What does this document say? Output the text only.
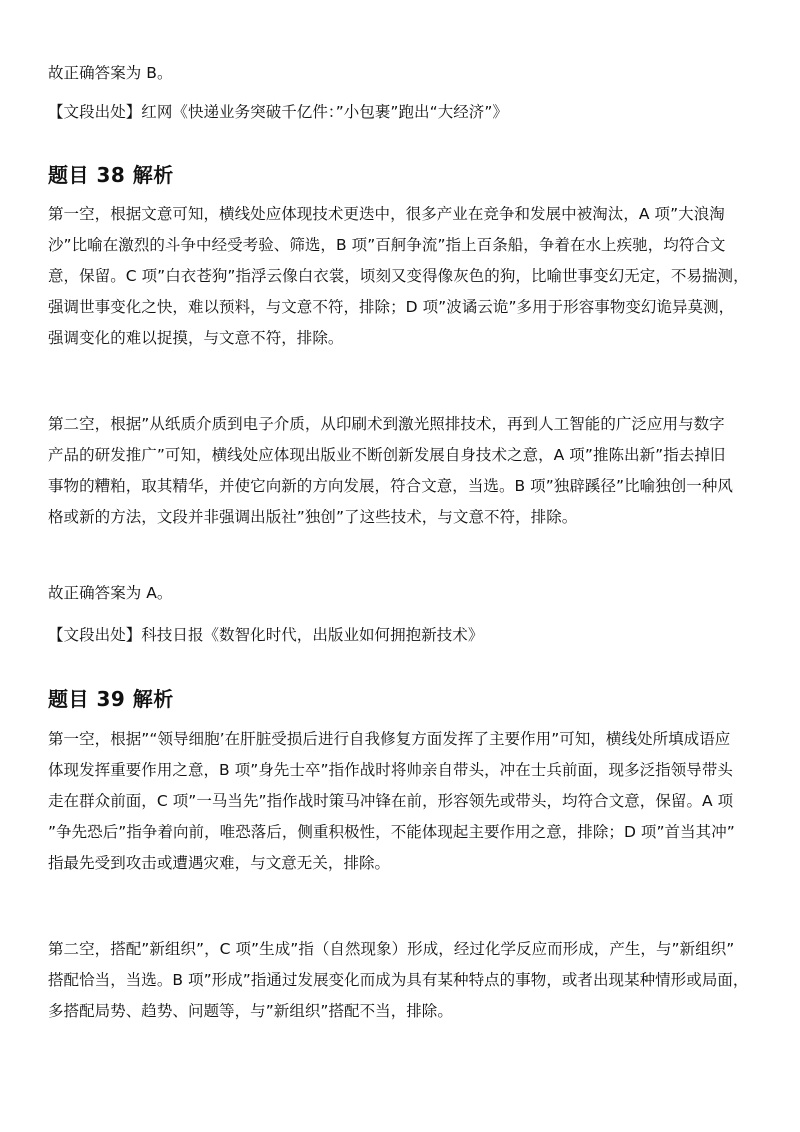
故正确答案为 B。

【文段出处】红网《快递业务突破千亿件：”小包裹”跑出“大经济”》

题目 38 解析

第一空，根据文意可知，横线处应体现技术更迭中，很多产业在竞争和发展中被淘汰，A 项”大浪淘

沙”比喻在激烈的斗争中经受考验、筛选，B 项”百舸争流”指上百条船，争着在水上疾驰，均符合文

意，保留。C 项”白衣苍狗”指浮云像白衣裳，顷刻又变得像灰色的狗，比喻世事变幻无定，不易揣测，

强调世事变化之快，难以预料，与文意不符，排除；D 项”波谲云诡”多用于形容事物变幻诡异莫测，

强调变化的难以捉摸，与文意不符，排除。

第二空，根据”从纸质介质到电子介质，从印刷术到激光照排技术，再到人工智能的广泛应用与数字

产品的研发推广”可知，横线处应体现出版业不断创新发展自身技术之意，A 项”推陈出新”指去掉旧

事物的糟粕，取其精华，并使它向新的方向发展，符合文意，当选。B 项”独辟蹊径”比喻独创一种风

格或新的方法，文段并非强调出版社”独创”了这些技术，与文意不符，排除。

故正确答案为 A。

【文段出处】科技日报《数智化时代，出版业如何拥抱新技术》

题目 39 解析

第一空，根据”“领导细胞’在肝脏受损后进行自我修复方面发挥了主要作用”可知，横线处所填成语应

体现发挥重要作用之意，B 项”身先士卒”指作战时将帅亲自带头，冲在士兵前面，现多泛指领导带头

走在群众前面，C 项”一马当先”指作战时策马冲锋在前，形容领先或带头，均符合文意，保留。A 项

”争先恐后”指争着向前，唯恐落后，侧重积极性，不能体现起主要作用之意，排除；D 项”首当其冲”

指最先受到攻击或遭遇灾难，与文意无关，排除。

第二空，搭配”新组织”，C 项”生成”指（自然现象）形成，经过化学反应而形成，产生，与”新组织”

搭配恰当，当选。B 项”形成”指通过发展变化而成为具有某种特点的事物，或者出现某种情形或局面，

多搭配局势、趋势、问题等，与”新组织”搭配不当，排除。
